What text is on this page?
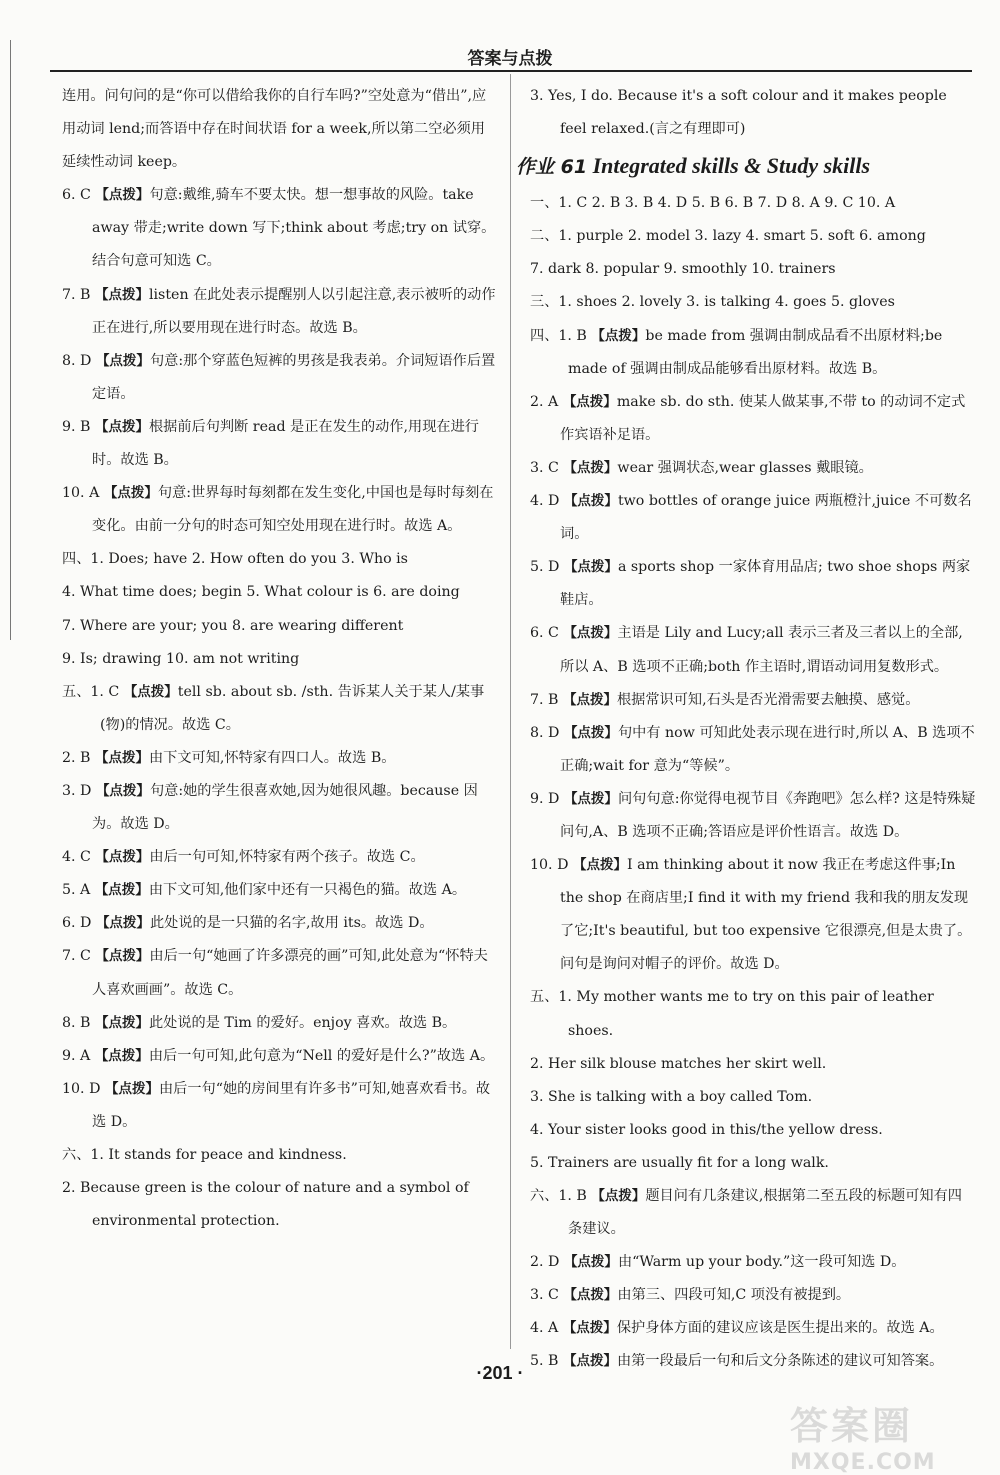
答案与点拨
连用。问句问的是“你可以借给我你的自行车吗?”空处意为“借出”,应用动词 lend;而答语中存在时间状语 for a week,所以第二空必须用延续性动词 keep。
6. C 【点拨】句意:戴维,骑车不要太快。想一想事故的风险。take away 带走;write down 写下;think about 考虑;try on 试穿。结合句意可知选 C。
7. B 【点拨】listen 在此处表示提醒别人以引起注意,表示被听的动作正在进行,所以要用现在进行时态。故选 B。
8. D 【点拨】句意:那个穿蓝色短裤的男孩是我表弟。介词短语作后置定语。
9. B 【点拨】根据前后句判断 read 是正在发生的动作,用现在进行时。故选 B。
10. A 【点拨】句意:世界每时每刻都在发生变化,中国也是每时每刻在变化。由前一分句的时态可知空处用现在进行时。故选 A。
四、1. Does; have 2. How often do you 3. Who is
4. What time does; begin 5. What colour is 6. are doing
7. Where are your; you 8. are wearing different
9. Is; drawing 10. am not writing
五、1. C 【点拨】tell sb. about sb. /sth. 告诉某人关于某人/某事(物)的情况。故选 C。
2. B 【点拨】由下文可知,怀特家有四口人。故选 B。
3. D 【点拨】句意:她的学生很喜欢她,因为她很风趣。because 因为。故选 D。
4. C 【点拨】由后一句可知,怀特家有两个孩子。故选 C。
5. A 【点拨】由下文可知,他们家中还有一只褐色的猫。故选 A。
6. D 【点拨】此处说的是一只猫的名字,故用 its。故选 D。
7. C 【点拨】由后一句“她画了许多漂亮的画”可知,此处意为“怀特夫人喜欢画画”。故选 C。
8. B 【点拨】此处说的是 Tim 的爱好。enjoy 喜欢。故选 B。
9. A 【点拨】由后一句可知,此句意为“Nell 的爱好是什么?”故选 A。
10. D 【点拨】由后一句“她的房间里有许多书”可知,她喜欢看书。故选 D。
六、1. It stands for peace and kindness.
2. Because green is the colour of nature and a symbol of environmental protection.
3. Yes, I do. Because it's a soft colour and it makes people feel relaxed.(言之有理即可)
作业 61 Integrated skills & Study skills
一、1. C 2. B 3. B 4. D 5. B 6. B 7. D 8. A 9. C 10. A
二、1. purple 2. model 3. lazy 4. smart 5. soft 6. among
7. dark 8. popular 9. smoothly 10. trainers
三、1. shoes 2. lovely 3. is talking 4. goes 5. gloves
四、1. B 【点拨】be made from 强调由制成品看不出原材料;be made of 强调由制成品能够看出原材料。故选 B。
2. A 【点拨】make sb. do sth. 使某人做某事,不带 to 的动词不定式作宾语补足语。
3. C 【点拨】wear 强调状态,wear glasses 戴眼镜。
4. D 【点拨】two bottles of orange juice 两瓶橙汁,juice 不可数名词。
5. D 【点拨】a sports shop 一家体育用品店; two shoe shops 两家鞋店。
6. C 【点拨】主语是 Lily and Lucy;all 表示三者及三者以上的全部,所以 A、B 选项不正确;both 作主语时,谓语动词用复数形式。
7. B 【点拨】根据常识可知,石头是否光滑需要去触摸、感觉。
8. D 【点拨】句中有 now 可知此处表示现在进行时,所以 A、B 选项不正确;wait for 意为“等候”。
9. D 【点拨】问句句意:你觉得电视节目《奔跑吧》怎么样? 这是特殊疑问句,A、B 选项不正确;答语应是评价性语言。故选 D。
10. D 【点拨】I am thinking about it now 我正在考虑这件事;In the shop 在商店里;I find it with my friend 我和我的朋友发现了它;It's beautiful, but too expensive 它很漂亮,但是太贵了。问句是询问对帽子的评价。故选 D。
五、1. My mother wants me to try on this pair of leather shoes.
2. Her silk blouse matches her skirt well.
3. She is talking with a boy called Tom.
4. Your sister looks good in this/the yellow dress.
5. Trainers are usually fit for a long walk.
六、1. B 【点拨】题目问有几条建议,根据第二至五段的标题可知有四条建议。
2. D 【点拨】由“Warm up your body.”这一段可知选 D。
3. C 【点拨】由第三、四段可知,C 项没有被提到。
4. A 【点拨】保护身体方面的建议应该是医生提出来的。故选 A。
5. B 【点拨】由第一段最后一句和后文分条陈述的建议可知答案。
·201 ·
答案圈
MXQE.COM
